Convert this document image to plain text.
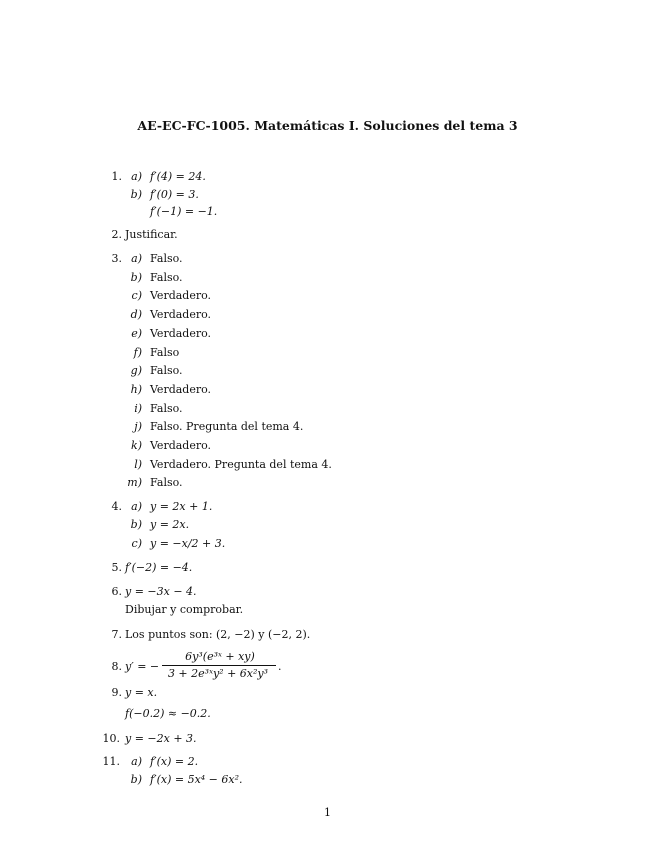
AE-EC-FC-1005. Matemáticas I. Soluciones del tema 3
1. a) f′(4) = 24.
b) f′(0) = 3.
f′(−1) = −1.
2. Justificar.
3. a) Falso.
b) Falso.
c) Verdadero.
d) Verdadero.
e) Verdadero.
f) Falso
g) Falso.
h) Verdadero.
i) Falso.
j) Falso. Pregunta del tema 4.
k) Verdadero.
l) Verdadero. Pregunta del tema 4.
m) Falso.
4. a) y = 2x + 1.
b) y = 2x.
c) y = −x/2 + 3.
5. f′(−2) = −4.
6. y = −3x − 4.
Dibujar y comprobar.
7. Los puntos son: (2, −2) y (−2, 2).
8. y′ = −
6y³(e³ˣ + xy)
3 + 2e³ˣy² + 6x²y³
.
9. y = x.
f(−0.2) ≈ −0.2.
10. y = −2x + 3.
11.	a) f′(x) = 2.
b) f′(x) = 5x⁴ − 6x².
1
